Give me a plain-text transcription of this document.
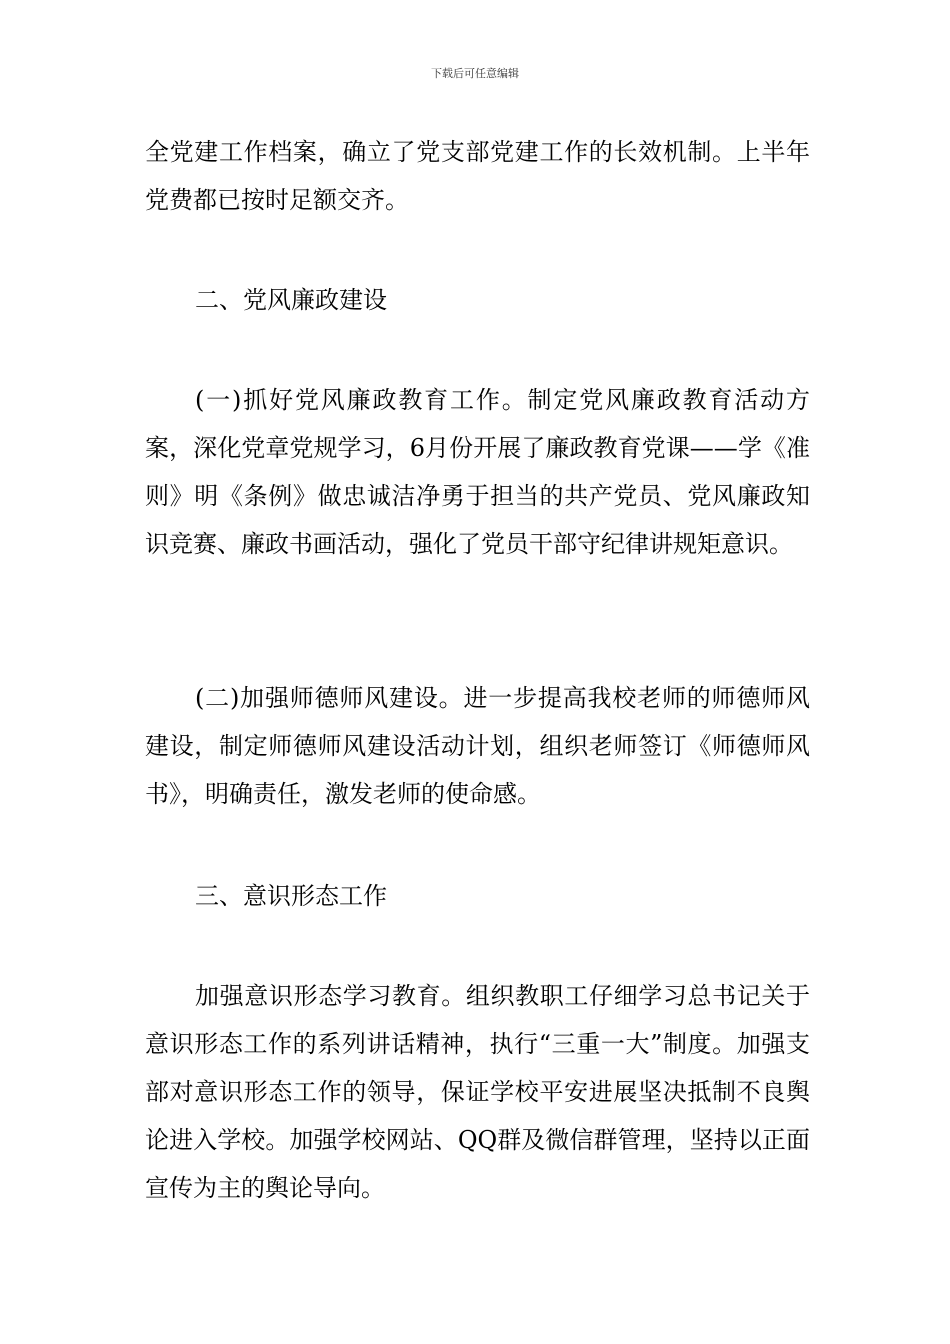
下载后可任意编辑

全党建工作档案，确立了党支部党建工作的长效机制。上半年党费都已按时足额交齐。

二、党风廉政建设

(一)抓好党风廉政教育工作。制定党风廉政教育活动方案，深化党章党规学习，6月份开展了廉政教育党课——学《准则》明《条例》做忠诚洁净勇于担当的共产党员、党风廉政知识竞赛、廉政书画活动，强化了党员干部守纪律讲规矩意识。

(二)加强师德师风建设。进一步提高我校老师的师德师风建设，制定师德师风建设活动计划，组织老师签订《师德师风书》，明确责任，激发老师的使命感。

三、意识形态工作

加强意识形态学习教育。组织教职工仔细学习总书记关于意识形态工作的系列讲话精神，执行“三重一大”制度。加强支部对意识形态工作的领导，保证学校平安进展坚决抵制不良舆论进入学校。加强学校网站、QQ群及微信群管理，坚持以正面宣传为主的舆论导向。
